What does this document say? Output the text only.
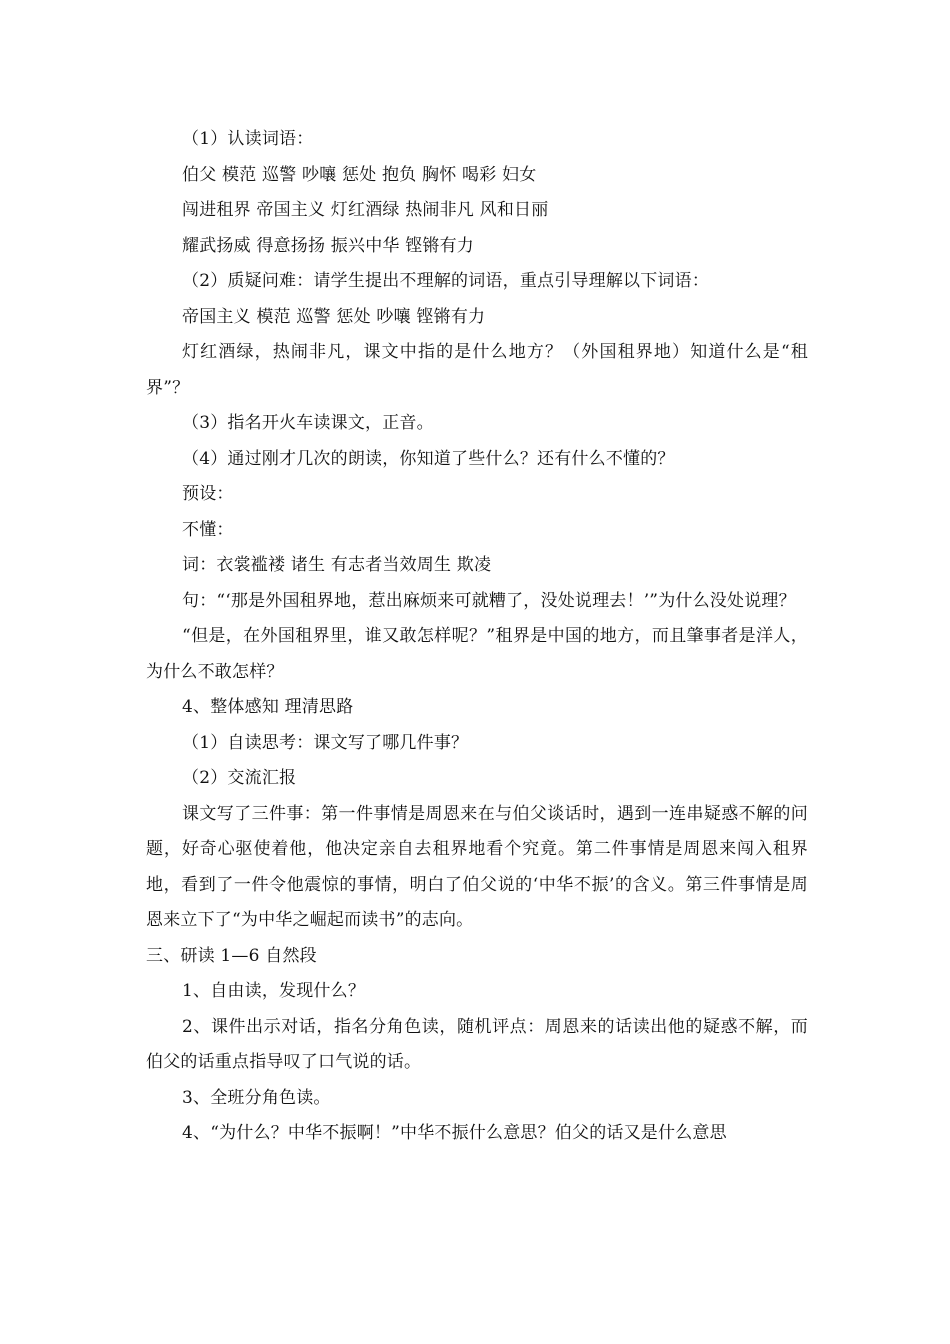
（1）认读词语：

伯父 模范 巡警 吵嚷 惩处 抱负 胸怀 喝彩 妇女

闯进租界 帝国主义 灯红酒绿 热闹非凡 风和日丽

耀武扬威 得意扬扬 振兴中华 铿锵有力

（2）质疑问难：请学生提出不理解的词语，重点引导理解以下词语：

帝国主义 模范 巡警 惩处 吵嚷 铿锵有力

灯红酒绿，热闹非凡，课文中指的是什么地方？（外国租界地）知道什么是“租界”？

（3）指名开火车读课文，正音。

（4）通过刚才几次的朗读，你知道了些什么？还有什么不懂的？

预设：

不懂：

词：衣裳褴褛 诸生 有志者当效周生 欺凌

句：“‘那是外国租界地，惹出麻烦来可就糟了，没处说理去！’”为什么没处说理？

“但是，在外国租界里，谁又敢怎样呢？”租界是中国的地方，而且肇事者是洋人，为什么不敢怎样？

4、整体感知 理清思路

（1）自读思考：课文写了哪几件事？

（2）交流汇报

课文写了三件事：第一件事情是周恩来在与伯父谈话时，遇到一连串疑惑不解的问题，好奇心驱使着他，他决定亲自去租界地看个究竟。第二件事情是周恩来闯入租界地，看到了一件令他震惊的事情，明白了伯父说的‘中华不振’的含义。第三件事情是周恩来立下了“为中华之崛起而读书”的志向。

三、研读 1—6 自然段

1、自由读，发现什么？

2、课件出示对话，指名分角色读，随机评点：周恩来的话读出他的疑惑不解，而伯父的话重点指导叹了口气说的话。

3、全班分角色读。

4、“为什么？中华不振啊！”中华不振什么意思？伯父的话又是什么意思
